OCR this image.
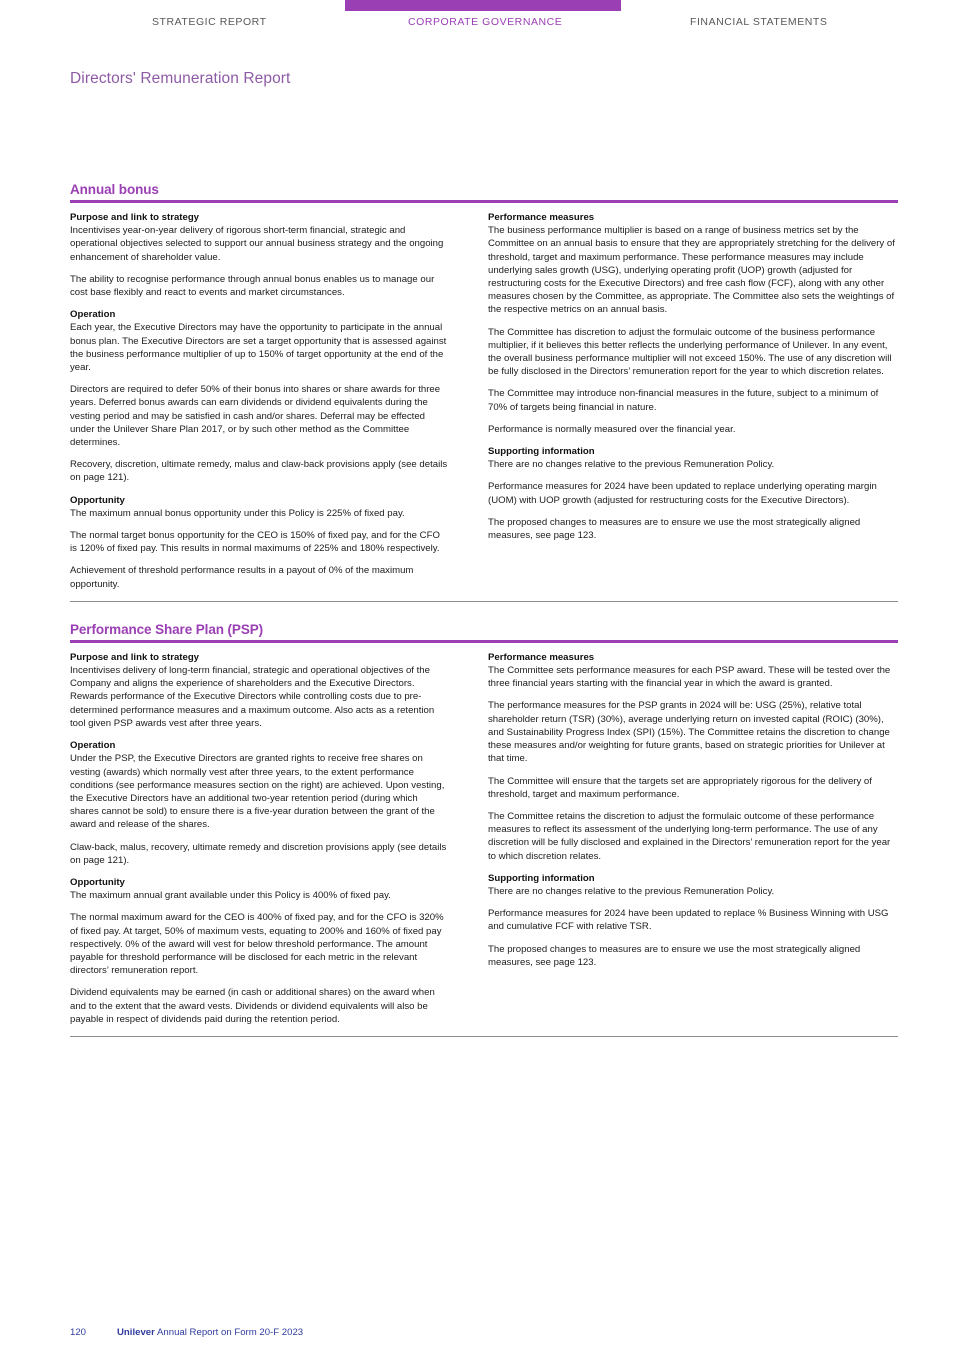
STRATEGIC REPORT	CORPORATE GOVERNANCE	FINANCIAL STATEMENTS
Directors' Remuneration Report
Annual bonus
Purpose and link to strategy

Incentivises year-on-year delivery of rigorous short-term financial, strategic and operational objectives selected to support our annual business strategy and the ongoing enhancement of shareholder value.

The ability to recognise performance through annual bonus enables us to manage our cost base flexibly and react to events and market circumstances.

Operation

Each year, the Executive Directors may have the opportunity to participate in the annual bonus plan. The Executive Directors are set a target opportunity that is assessed against the business performance multiplier of up to 150% of target opportunity at the end of the year.

Directors are required to defer 50% of their bonus into shares or share awards for three years. Deferred bonus awards can earn dividends or dividend equivalents during the vesting period and may be satisfied in cash and/or shares. Deferral may be effected under the Unilever Share Plan 2017, or by such other method as the Committee determines.

Recovery, discretion, ultimate remedy, malus and claw-back provisions apply (see details on page 121).

Opportunity

The maximum annual bonus opportunity under this Policy is 225% of fixed pay.

The normal target bonus opportunity for the CEO is 150% of fixed pay, and for the CFO is 120% of fixed pay. This results in normal maximums of 225% and 180% respectively.

Achievement of threshold performance results in a payout of 0% of the maximum opportunity.

Performance measures

The business performance multiplier is based on a range of business metrics set by the Committee on an annual basis to ensure that they are appropriately stretching for the delivery of threshold, target and maximum performance. These performance measures may include underlying sales growth (USG), underlying operating profit (UOP) growth (adjusted for restructuring costs for the Executive Directors) and free cash flow (FCF), along with any other measures chosen by the Committee, as appropriate. The Committee also sets the weightings of the respective metrics on an annual basis.

The Committee has discretion to adjust the formulaic outcome of the business performance multiplier, if it believes this better reflects the underlying performance of Unilever. In any event, the overall business performance multiplier will not exceed 150%. The use of any discretion will be fully disclosed in the Directors’ remuneration report for the year to which discretion relates.

The Committee may introduce non-financial measures in the future, subject to a minimum of 70% of targets being financial in nature.

Performance is normally measured over the financial year.

Supporting information

There are no changes relative to the previous Remuneration Policy.

Performance measures for 2024 have been updated to replace underlying operating margin (UOM) with UOP growth (adjusted for restructuring costs for the Executive Directors).

The proposed changes to measures are to ensure we use the most strategically aligned measures, see page 123.

Performance Share Plan (PSP)
Purpose and link to strategy

Incentivises delivery of long-term financial, strategic and operational objectives of the Company and aligns the experience of shareholders and the Executive Directors. Rewards performance of the Executive Directors while controlling costs due to pre-determined performance measures and a maximum outcome. Also acts as a retention tool given PSP awards vest after three years.

Operation

Under the PSP, the Executive Directors are granted rights to receive free shares on vesting (awards) which normally vest after three years, to the extent performance conditions (see performance measures section on the right) are achieved. Upon vesting, the Executive Directors have an additional two-year retention period (during which shares cannot be sold) to ensure there is a five-year duration between the grant of the award and release of the shares.

Claw-back, malus, recovery, ultimate remedy and discretion provisions apply (see details on page 121).

Opportunity

The maximum annual grant available under this Policy is 400% of fixed pay.

The normal maximum award for the CEO is 400% of fixed pay, and for the CFO is 320% of fixed pay. At target, 50% of maximum vests, equating to 200% and 160% of fixed pay respectively. 0% of the award will vest for below threshold performance. The amount payable for threshold performance will be disclosed for each metric in the relevant directors’ remuneration report.

Dividend equivalents may be earned (in cash or additional shares) on the award when and to the extent that the award vests. Dividends or dividend equivalents will also be payable in respect of dividends paid during the retention period.

Performance measures

The Committee sets performance measures for each PSP award. These will be tested over the three financial years starting with the financial year in which the award is granted.

The performance measures for the PSP grants in 2024 will be: USG (25%), relative total shareholder return (TSR) (30%), average underlying return on invested capital (ROIC) (30%), and Sustainability Progress Index (SPI) (15%). The Committee retains the discretion to change these measures and/or weighting for future grants, based on strategic priorities for Unilever at that time.

The Committee will ensure that the targets set are appropriately rigorous for the delivery of threshold, target and maximum performance.

The Committee retains the discretion to adjust the formulaic outcome of these performance measures to reflect its assessment of the underlying long-term performance. The use of any discretion will be fully disclosed and explained in the Directors’ remuneration report for the year to which discretion relates.

Supporting information

There are no changes relative to the previous Remuneration Policy.

Performance measures for 2024 have been updated to replace % Business Winning with USG and cumulative FCF with relative TSR.

The proposed changes to measures are to ensure we use the most strategically aligned measures, see page 123.

120	Unilever Annual Report on Form 20-F 2023
